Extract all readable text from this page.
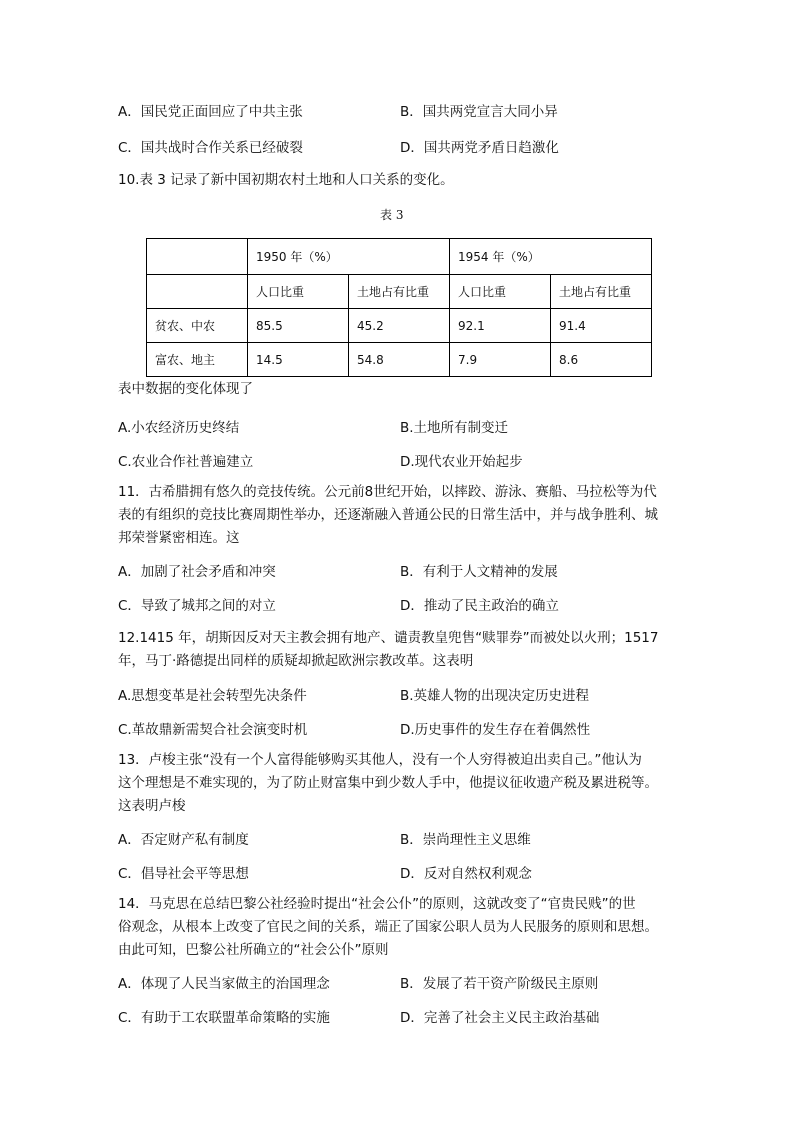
A．国民党正面回应了中共主张	B．国共两党宣言大同小异
C．国共战时合作关系已经破裂	D．国共两党矛盾日趋激化
10.表 3 记录了新中国初期农村土地和人口关系的变化。
表 3
	1950 年（%）		1954 年（%）	
	人口比重	土地占有比重	人口比重	土地占有比重
贫农、中农	85.5	45.2	92.1	91.4
富农、地主	14.5	54.8	7.9	8.6
表中数据的变化体现了
A.小农经济历史终结	B.土地所有制变迁
C.农业合作社普遍建立	D.现代农业开始起步
11．古希腊拥有悠久的竞技传统。公元前8世纪开始，以摔跤、游泳、赛船、马拉松等为代
表的有组织的竞技比赛周期性举办，还逐渐融入普通公民的日常生活中，并与战争胜利、城
邦荣誉紧密相连。这
A．加剧了社会矛盾和冲突	B．有利于人文精神的发展
C．导致了城邦之间的对立	D．推动了民主政治的确立
12.1415 年，胡斯因反对天主教会拥有地产、谴责教皇兜售“赎罪券”而被处以火刑；1517
年，马丁·路德提出同样的质疑却掀起欧洲宗教改革。这表明
A.思想变革是社会转型先决条件	B.英雄人物的出现决定历史进程
C.革故鼎新需契合社会演变时机	D.历史事件的发生存在着偶然性
13．卢梭主张“没有一个人富得能够购买其他人，没有一个人穷得被迫出卖自己。”他认为
这个理想是不难实现的，为了防止财富集中到少数人手中，他提议征收遗产税及累进税等。
这表明卢梭
A．否定财产私有制度	B．崇尚理性主义思维
C．倡导社会平等思想	D．反对自然权利观念
14．马克思在总结巴黎公社经验时提出“社会公仆”的原则，这就改变了“官贵民贱”的世
俗观念，从根本上改变了官民之间的关系，端正了国家公职人员为人民服务的原则和思想。
由此可知，巴黎公社所确立的“社会公仆”原则
A．体现了人民当家做主的治国理念	B．发展了若干资产阶级民主原则
C．有助于工农联盟革命策略的实施	D．完善了社会主义民主政治基础
